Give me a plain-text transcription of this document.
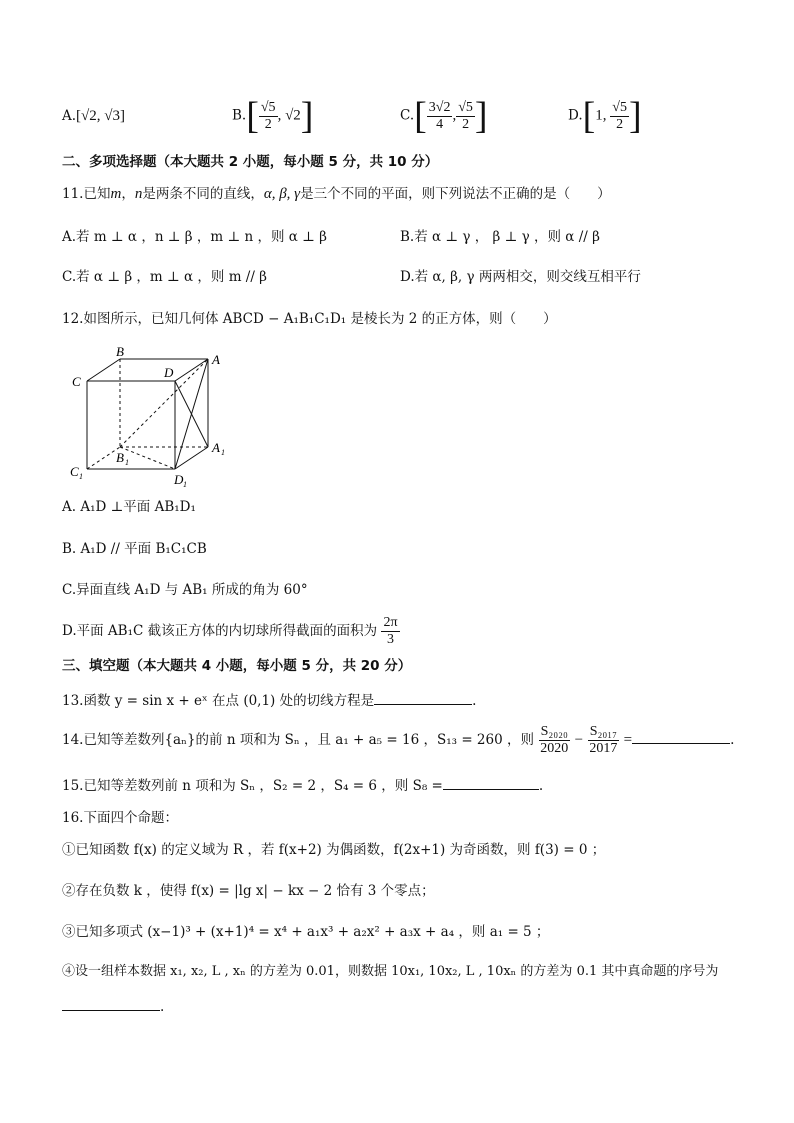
A.[√2, √3]	$B.[ \frac{√5}{2}$ , √2]	$C.[ \frac{3√2}{4}$ , $\frac{√5}{2}$ ]	D.[1, $\frac{√5}{2}$ ]
二、多项选择题（本大题共 2 小题，每小题 5 分，共 10 分）
11.已知m，n是两条不同的直线，α, β, γ是三个不同的平面，则下列说法不正确的是（　　）
A.若 m ⊥ α ，n ⊥ β ，m ⊥ n ，则 α ⊥ β	B.若 α ⊥ γ ， β ⊥ γ ，则 α // β
C.若 α ⊥ β ，m ⊥ α ，则 m // β	D.若 α, β, γ 两两相交，则交线互相平行
12.如图所示，已知几何体 ABCD − A₁B₁C₁D₁ 是棱长为 2 的正方体，则（　　）
B
A
C
D
B 1
A 1
C 1	D 1
A. A₁D ⊥平面 AB₁D₁
B. A₁D // 平面 B₁C₁CB
C.异面直线 A₁D 与 AB₁ 所成的角为 60°
D.平面 AB₁C 截该正方体的内切球所得截面的面积为 $\frac{2\pi}{3}$
三、填空题（本大题共 4 小题，每小题 5 分，共 20 分）
13.函数 y = sin x + eˣ 在点 (0,1) 处的切线方程是	.
14.已知等差数列{aₙ}的前 n 项和为 Sₙ ，且 a₁ + a₅ = 16 ，S₁₃ = 260 ，则 $\frac{\text{S₂₀₂₀}}{2020} - \frac{\text{S₂₀₁₇}}{2017}$ =	.
15.已知等差数列前 n 项和为 Sₙ ，S₂ = 2 ，S₄ = 6 ，则 S₈ =	.
16.下面四个命题：
①已知函数 f(x) 的定义域为 R ，若 f(x+2) 为偶函数，f(2x+1) 为奇函数，则 f(3) = 0 ；
②存在负数 k ，使得 f(x) = |lg x| − kx − 2 恰有 3 个零点；
③已知多项式 (x−1)³ + (x+1)⁴ = x⁴ + a₁x³ + a₂x² + a₃x + a₄ ，则 a₁ = 5 ；
④设一组样本数据 x₁, x₂, L , xₙ 的方差为 0.01，则数据 10x₁, 10x₂, L , 10xₙ 的方差为 0.1 其中真命题的序号为
.
